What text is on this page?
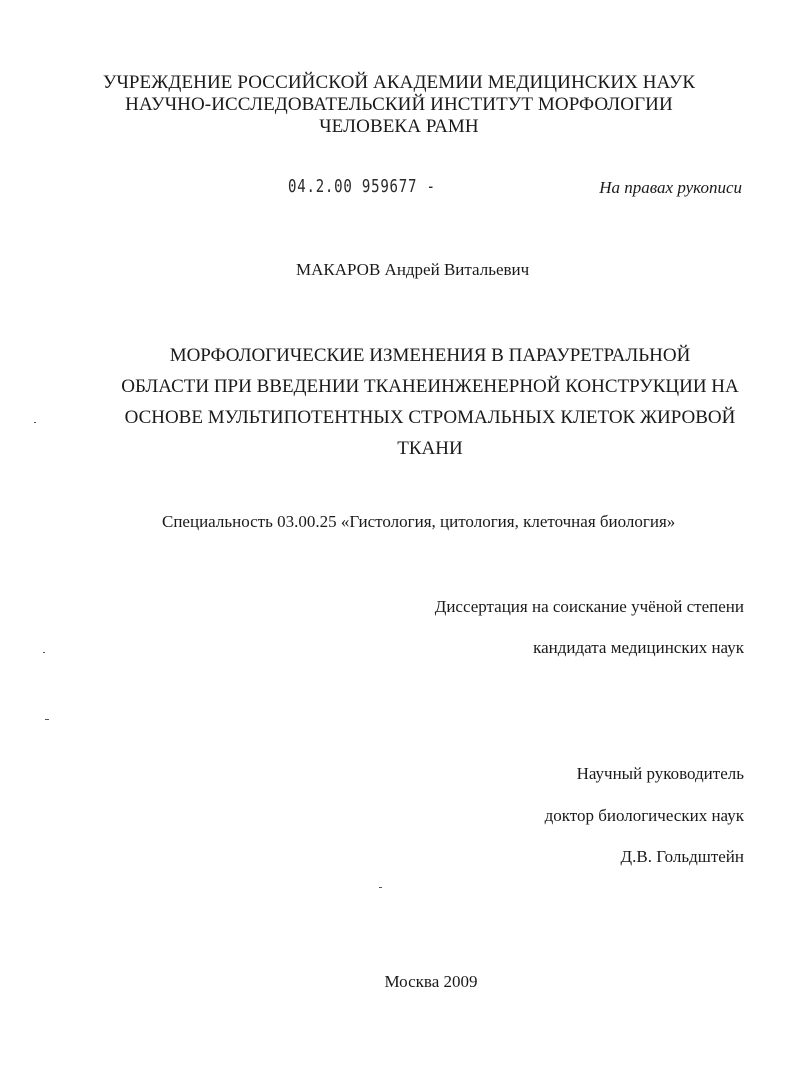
УЧРЕЖДЕНИЕ РОССИЙСКОЙ АКАДЕМИИ МЕДИЦИНСКИХ НАУК
НАУЧНО-ИССЛЕДОВАТЕЛЬСКИЙ ИНСТИТУТ МОРФОЛОГИИ
ЧЕЛОВЕКА РАМН
04.2.00 959677 -	На правах рукописи
МАКАРОВ Андрей Витальевич
МОРФОЛОГИЧЕСКИЕ ИЗМЕНЕНИЯ В ПАРАУРЕТРАЛЬНОЙ
ОБЛАСТИ ПРИ ВВЕДЕНИИ ТКАНЕИНЖЕНЕРНОЙ КОНСТРУКЦИИ НА
ОСНОВЕ МУЛЬТИПОТЕНТНЫХ СТРОМАЛЬНЫХ КЛЕТОК ЖИРОВОЙ
ТКАНИ
Специальность 03.00.25 «Гистология, цитология, клеточная биология»
Диссертация на соискание учёной степени
кандидата медицинских наук
Научный руководитель
доктор биологических наук
Д.В. Гольдштейн
Москва 2009
